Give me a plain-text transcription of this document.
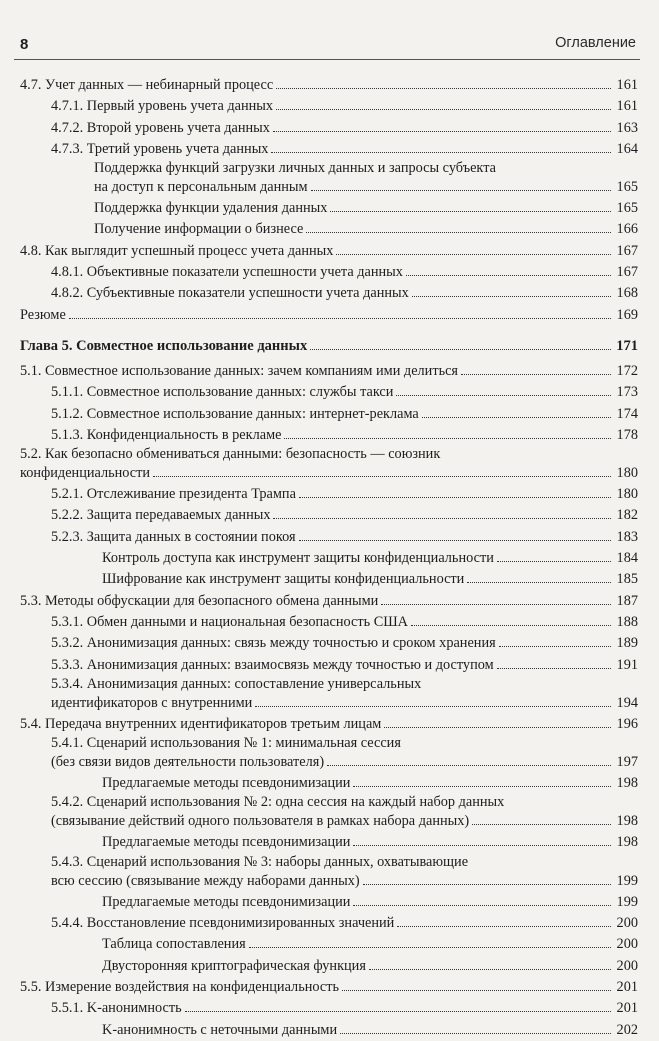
8	Оглавление
4.7. Учет данных — небинарный процесс	161
4.7.1. Первый уровень учета данных	161
4.7.2. Второй уровень учета данных	163
4.7.3. Третий уровень учета данных	164
Поддержка функций загрузки личных данных и запросы субъекта
на доступ к персональным данным	165
Поддержка функции удаления данных	165
Получение информации о бизнесе	166
4.8. Как выглядит успешный процесс учета данных	167
4.8.1. Объективные показатели успешности учета данных	167
4.8.2. Субъективные показатели успешности учета данных	168
Резюме	169
Глава 5. Совместное использование данных	171
5.1. Совместное использование данных: зачем компаниям ими делиться	172
5.1.1. Совместное использование данных: службы такси	173
5.1.2. Совместное использование данных: интернет-реклама	174
5.1.3. Конфиденциальность в рекламе	178
5.2. Как безопасно обмениваться данными: безопасность — союзник
конфиденциальности	180
5.2.1. Отслеживание президента Трампа	180
5.2.2. Защита передаваемых данных	182
5.2.3. Защита данных в состоянии покоя	183
Контроль доступа как инструмент защиты конфиденциальности	184
Шифрование как инструмент защиты конфиденциальности	185
5.3. Методы обфускации для безопасного обмена данными	187
5.3.1. Обмен данными и национальная безопасность США	188
5.3.2. Анонимизация данных: связь между точностью и сроком хранения	189
5.3.3. Анонимизация данных: взаимосвязь между точностью и доступом	191
5.3.4. Анонимизация данных: сопоставление универсальных
идентификаторов с внутренними	194
5.4. Передача внутренних идентификаторов третьим лицам	196
5.4.1. Сценарий использования № 1: минимальная сессия
(без связи видов деятельности пользователя)	197
Предлагаемые методы псевдонимизации	198
5.4.2. Сценарий использования № 2: одна сессия на каждый набор данных
(связывание действий одного пользователя в рамках набора данных)	198
Предлагаемые методы псевдонимизации	198
5.4.3. Сценарий использования № 3: наборы данных, охватывающие
всю сессию (связывание между наборами данных)	199
Предлагаемые методы псевдонимизации	199
5.4.4. Восстановление псевдонимизированных значений	200
Таблица сопоставления	200
Двусторонняя криптографическая функция	200
5.5. Измерение воздействия на конфиденциальность	201
5.5.1. K-анонимность	201
K-анонимность с неточными данными	202
